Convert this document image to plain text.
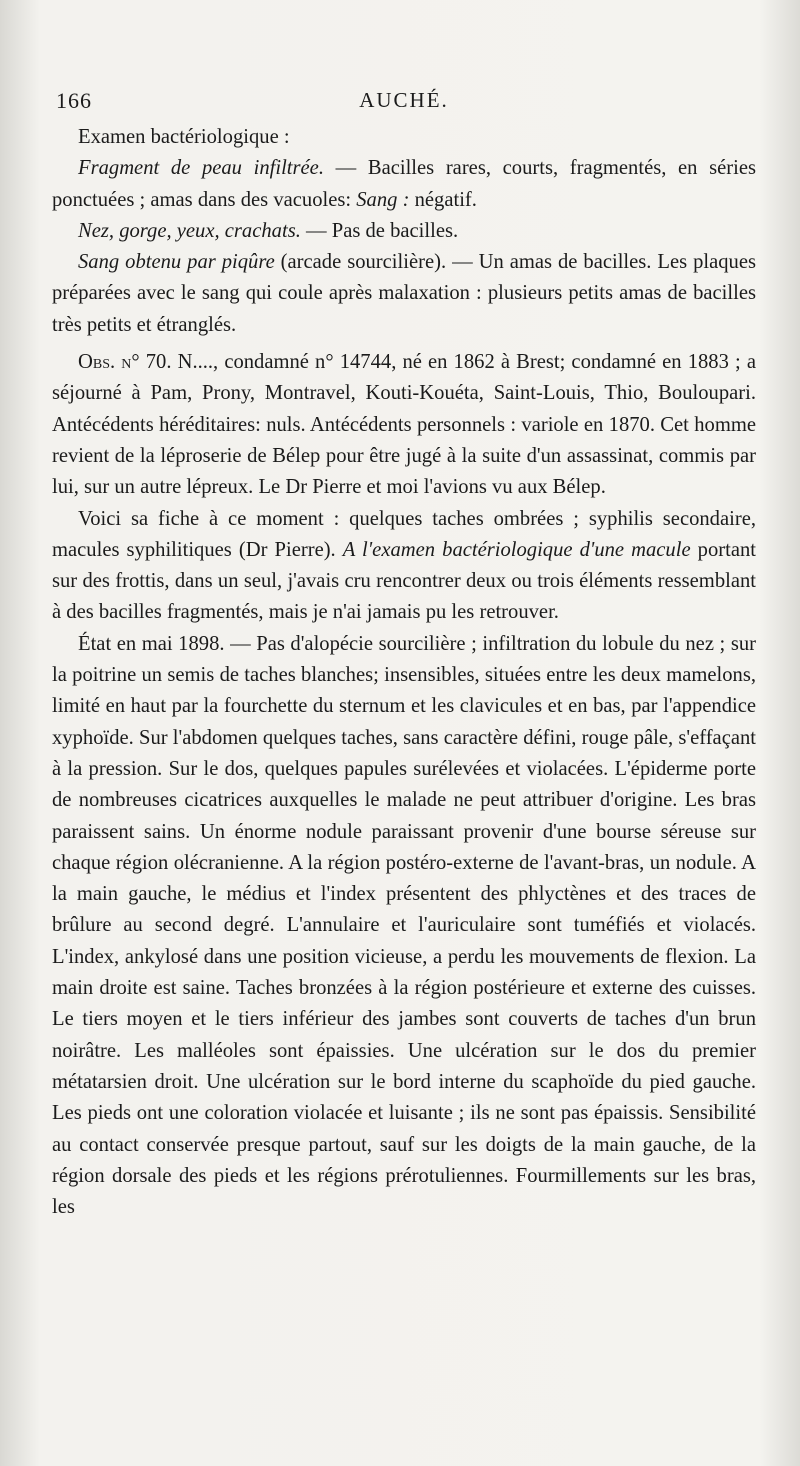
166	AUCHÉ.

Examen bactériologique :

Fragment de peau infiltrée. — Bacilles rares, courts, fragmentés, en séries ponctuées ; amas dans des vacuoles: Sang : négatif.

Nez, gorge, yeux, crachats. — Pas de bacilles.

Sang obtenu par piqûre (arcade sourcilière). — Un amas de bacilles. Les plaques préparées avec le sang qui coule après malaxation : plusieurs petits amas de bacilles très petits et étranglés.

Obs. n° 70. N...., condamné n° 14744, né en 1862 à Brest; condamné en 1883 ; a séjourné à Pam, Prony, Montravel, Kouti-Kouéta, Saint-Louis, Thio, Bouloupari. Antécédents héréditaires: nuls. Antécédents personnels : variole en 1870. Cet homme revient de la léproserie de Bélep pour être jugé à la suite d'un assassinat, commis par lui, sur un autre lépreux. Le Dr Pierre et moi l'avions vu aux Bélep.

Voici sa fiche à ce moment : quelques taches ombrées ; syphilis secondaire, macules syphilitiques (Dr Pierre). A l'examen bactériologique d'une macule portant sur des frottis, dans un seul, j'avais cru rencontrer deux ou trois éléments ressemblant à des bacilles fragmentés, mais je n'ai jamais pu les retrouver.

État en mai 1898. — Pas d'alopécie sourcilière ; infiltration du lobule du nez ; sur la poitrine un semis de taches blanches; insensibles, situées entre les deux mamelons, limité en haut par la fourchette du sternum et les clavicules et en bas, par l'appendice xyphoïde. Sur l'abdomen quelques taches, sans caractère défini, rouge pâle, s'effaçant à la pression. Sur le dos, quelques papules surélevées et violacées. L'épiderme porte de nombreuses cicatrices auxquelles le malade ne peut attribuer d'origine. Les bras paraissent sains. Un énorme nodule paraissant provenir d'une bourse séreuse sur chaque région olécranienne. A la région postéro-externe de l'avant-bras, un nodule. A la main gauche, le médius et l'index présentent des phlyctènes et des traces de brûlure au second degré. L'annulaire et l'auriculaire sont tuméfiés et violacés. L'index, ankylosé dans une position vicieuse, a perdu les mouvements de flexion. La main droite est saine. Taches bronzées à la région postérieure et externe des cuisses. Le tiers moyen et le tiers inférieur des jambes sont couverts de taches d'un brun noirâtre. Les malléoles sont épaissies. Une ulcération sur le dos du premier métatarsien droit. Une ulcération sur le bord interne du scaphoïde du pied gauche. Les pieds ont une coloration violacée et luisante ; ils ne sont pas épaissis. Sensibilité au contact conservée presque partout, sauf sur les doigts de la main gauche, de la région dorsale des pieds et les régions prérotuliennes. Fourmillements sur les bras, les
